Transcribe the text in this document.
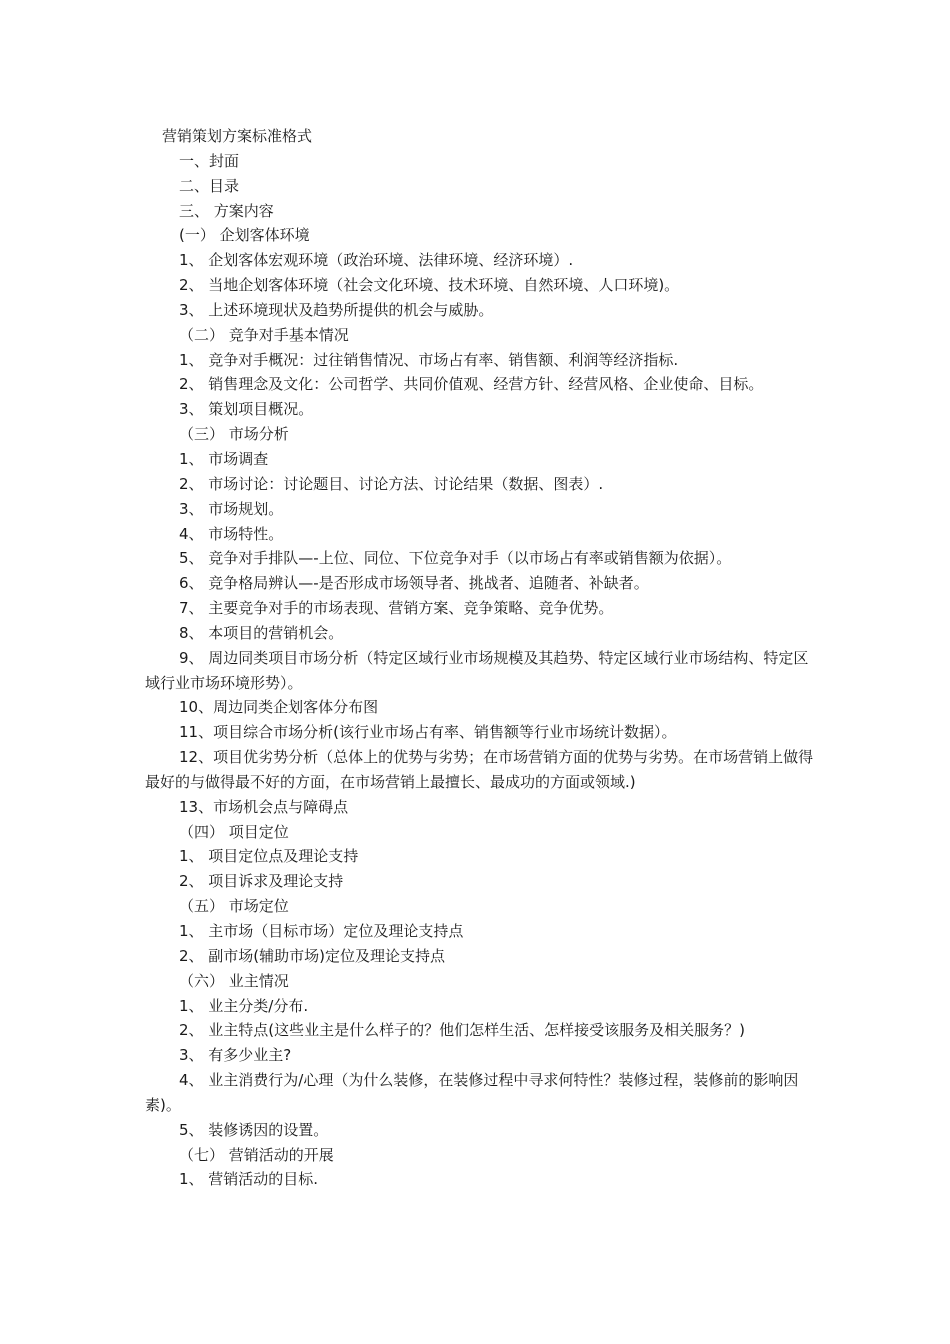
营销策划方案标准格式

一、封面

二、目录

三、 方案内容

(一） 企划客体环境

1、 企划客体宏观环境（政治环境、法律环境、经济环境）.

2、 当地企划客体环境（社会文化环境、技术环境、自然环境、人口环境)。

3、 上述环境现状及趋势所提供的机会与威胁。

（二） 竞争对手基本情况

1、 竞争对手概况：过往销售情况、市场占有率、销售额、利润等经济指标.

2、 销售理念及文化：公司哲学、共同价值观、经营方针、经营风格、企业使命、目标。

3、 策划项目概况。

（三） 市场分析

1、 市场调查

2、 市场讨论：讨论题目、讨论方法、讨论结果（数据、图表）.

3、 市场规划。

4、 市场特性。

5、 竞争对手排队—-上位、同位、下位竞争对手（以市场占有率或销售额为依据）。

6、 竞争格局辨认—-是否形成市场领导者、挑战者、追随者、补缺者。

7、 主要竞争对手的市场表现、营销方案、竞争策略、竞争优势。

8、 本项目的营销机会。

9、 周边同类项目市场分析（特定区域行业市场规模及其趋势、特定区域行业市场结构、特定区域行业市场环境形势）。

10、周边同类企划客体分布图

11、项目综合市场分析(该行业市场占有率、销售额等行业市场统计数据）。

12、项目优劣势分析（总体上的优势与劣势；在市场营销方面的优势与劣势。在市场营销上做得最好的与做得最不好的方面，在市场营销上最擅长、最成功的方面或领域.)

13、市场机会点与障碍点

（四） 项目定位

1、 项目定位点及理论支持

2、 项目诉求及理论支持

（五） 市场定位

1、 主市场（目标市场）定位及理论支持点

2、 副市场(辅助市场)定位及理论支持点

（六） 业主情况

1、 业主分类/分布.

2、 业主特点(这些业主是什么样子的？他们怎样生活、怎样接受该服务及相关服务？)

3、 有多少业主?

4、 业主消费行为/心理（为什么装修，在装修过程中寻求何特性？装修过程，装修前的影响因素)。

5、 装修诱因的设置。

（七） 营销活动的开展

1、 营销活动的目标.
